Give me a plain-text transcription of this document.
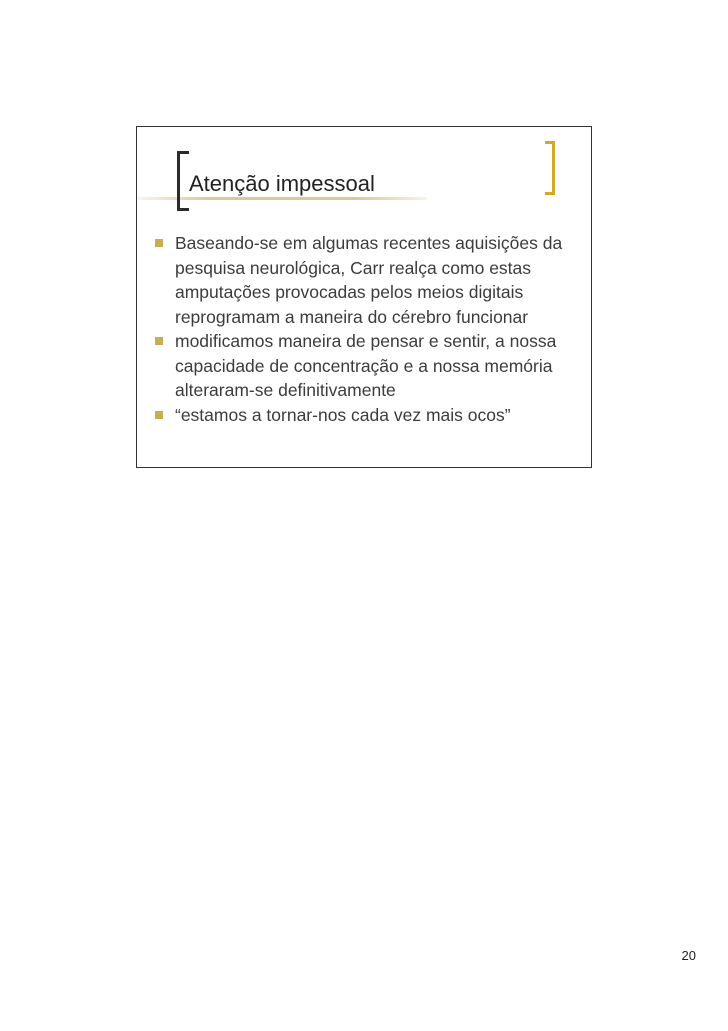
Atenção impessoal
Baseando-se em algumas recentes aquisições da pesquisa neurológica, Carr realça como estas amputações provocadas pelos meios digitais reprogramam a maneira do cérebro funcionar
modificamos maneira de pensar e sentir, a nossa capacidade de concentração e a nossa memória alteraram-se definitivamente
“estamos a tornar-nos cada vez mais ocos”
20
